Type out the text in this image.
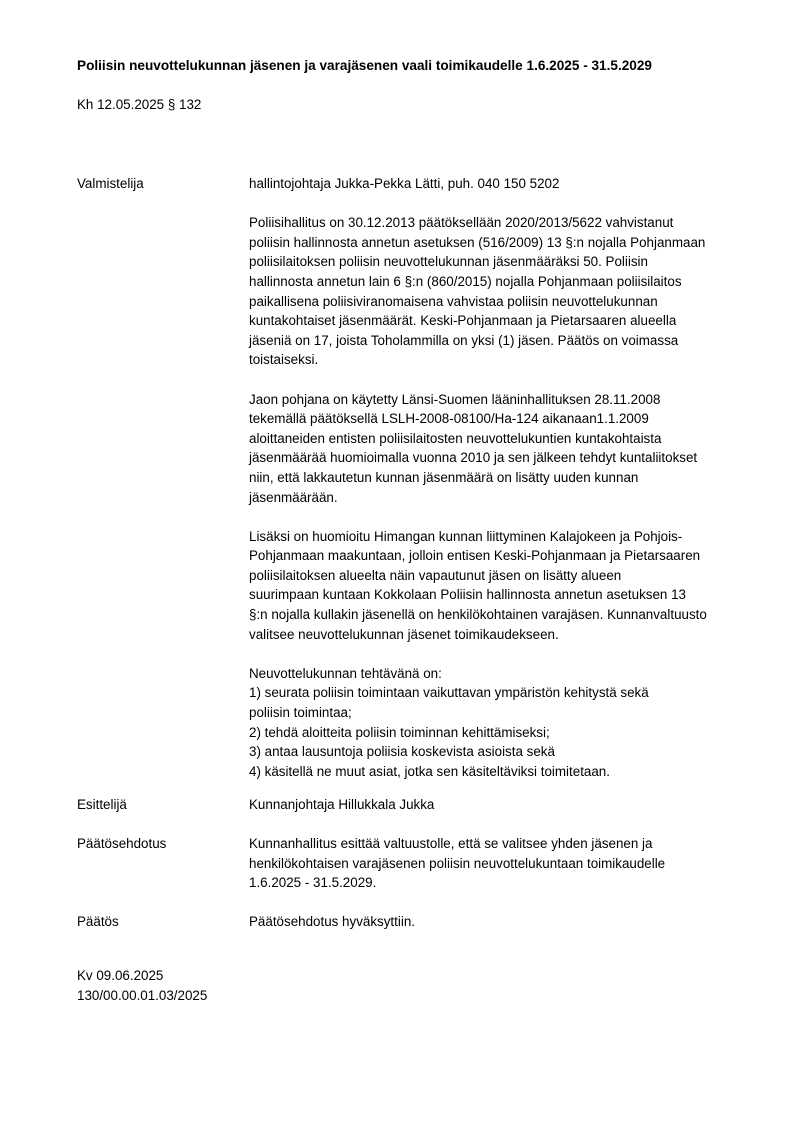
Poliisin neuvottelukunnan jäsenen ja varajäsenen vaali toimikaudelle 1.6.2025 - 31.5.2029
Kh 12.05.2025 § 132
Valmistelija	hallintojohtaja Jukka-Pekka Lätti, puh. 040 150 5202

Poliisihallitus on 30.12.2013 päätöksellään 2020/2013/5622 vahvistanut
poliisin hallinnosta annetun asetuksen (516/2009) 13 §:n nojalla Pohjanmaan
poliisilaitoksen poliisin neuvottelukunnan jäsenmääräksi 50. Poliisin
hallinnosta annetun lain 6 §:n (860/2015) nojalla Pohjanmaan poliisilaitos
paikallisena poliisiviranomaisena vahvistaa poliisin neuvottelukunnan
kuntakohtaiset jäsenmäärät. Keski-Pohjanmaan ja Pietarsaaren alueella
jäseniä on 17, joista Toholammilla on yksi (1) jäsen. Päätös on voimassa
toistaiseksi.

Jaon pohjana on käytetty Länsi-Suomen lääninhallituksen 28.11.2008
tekemällä päätöksellä LSLH-2008-08100/Ha-124 aikanaan1.1.2009
aloittaneiden entisten poliisilaitosten neuvottelukuntien kuntakohtaista
jäsenmäärää huomioimalla vuonna 2010 ja sen jälkeen tehdyt kuntaliitokset
niin, että lakkautetun kunnan jäsenmäärä on lisätty uuden kunnan
jäsenmäärään.

Lisäksi on huomioitu Himangan kunnan liittyminen Kalajokeen ja Pohjois-
Pohjanmaan maakuntaan, jolloin entisen Keski-Pohjanmaan ja Pietarsaaren
poliisilaitoksen alueelta näin vapautunut jäsen on lisätty alueen
suurimpaan kuntaan Kokkolaan Poliisin hallinnosta annetun asetuksen 13
§:n nojalla kullakin jäsenellä on henkilökohtainen varajäsen. Kunnanvaltuusto
valitsee neuvottelukunnan jäsenet toimikaudekseen.

Neuvottelukunnan tehtävänä on:
1) seurata poliisin toimintaan vaikuttavan ympäristön kehitystä sekä
poliisin toimintaa;
2) tehdä aloitteita poliisin toiminnan kehittämiseksi;
3) antaa lausuntoja poliisia koskevista asioista sekä
4) käsitellä ne muut asiat, jotka sen käsiteltäviksi toimitetaan.

Esittelijä	Kunnanjohtaja Hillukkala Jukka
Päätösehdotus	Kunnanhallitus esittää valtuustolle, että se valitsee yhden jäsenen ja
henkilökohtaisen varajäsenen poliisin neuvottelukuntaan toimikaudelle
1.6.2025 - 31.5.2029.
Päätös	Päätösehdotus hyväksyttiin.
Kv 09.06.2025
130/00.00.01.03/2025
